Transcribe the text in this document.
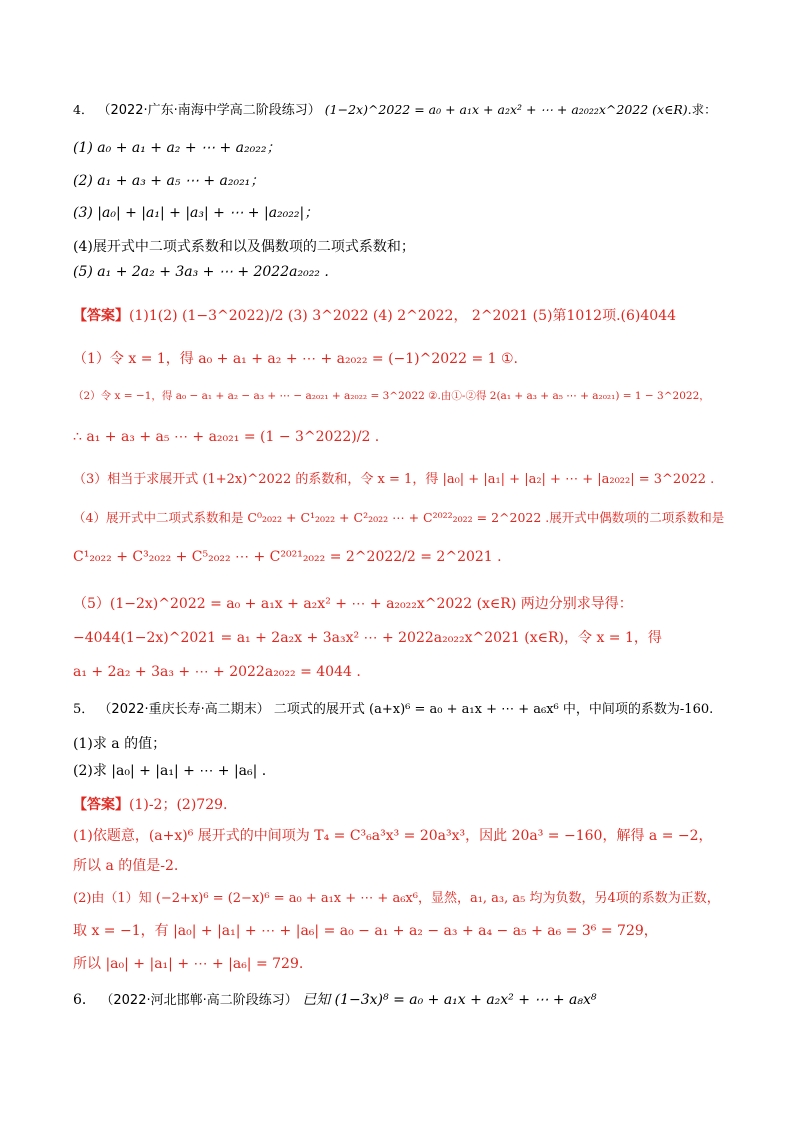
4． （2022·广东·南海中学高二阶段练习） (1−2x)^2022 = a₀ + a₁x + a₂x² + ⋯ + a₂₀₂₂x^2022 (x∈R).求：
(1) a₀ + a₁ + a₂ + ⋯ + a₂₀₂₂；
(2) a₁ + a₃ + a₅ ⋯ + a₂₀₂₁；
(3) |a₀| + |a₁| + |a₃| + ⋯ + |a₂₀₂₂|；
(4)展开式中二项式系数和以及偶数项的二项式系数和；
(5) a₁ + 2a₂ + 3a₃ + ⋯ + 2022a₂₀₂₂ .
【答案】(1)1(2) (1−3^2022)/2 (3) 3^2022 (4) 2^2022， 2^2021 (5)第1012项.(6)4044
（1）令 x = 1，得 a₀ + a₁ + a₂ + ⋯ + a₂₀₂₂ = (−1)^2022 = 1 ①.
（2）令 x = −1，得 a₀ − a₁ + a₂ − a₃ + ⋯ − a₂₀₂₁ + a₂₀₂₂ = 3^2022 ②.由①-②得 2(a₁ + a₃ + a₅ ⋯ + a₂₀₂₁) = 1 − 3^2022，
∴ a₁ + a₃ + a₅ ⋯ + a₂₀₂₁ = (1 − 3^2022)/2 .
（3）相当于求展开式 (1+2x)^2022 的系数和，令 x = 1，得 |a₀| + |a₁| + |a₂| + ⋯ + |a₂₀₂₂| = 3^2022 .
（4）展开式中二项式系数和是 C⁰₂₀₂₂ + C¹₂₀₂₂ + C²₂₀₂₂ ⋯ + C²⁰²²₂₀₂₂ = 2^2022 .展开式中偶数项的二项系数和是
C¹₂₀₂₂ + C³₂₀₂₂ + C⁵₂₀₂₂ ⋯ + C²⁰²¹₂₀₂₂ = 2^2022/2 = 2^2021 .
（5）(1−2x)^2022 = a₀ + a₁x + a₂x² + ⋯ + a₂₀₂₂x^2022 (x∈R) 两边分别求导得：
−4044(1−2x)^2021 = a₁ + 2a₂x + 3a₃x² ⋯ + 2022a₂₀₂₂x^2021 (x∈R)，令 x = 1，得
a₁ + 2a₂ + 3a₃ + ⋯ + 2022a₂₀₂₂ = 4044 .
5． （2022·重庆长寿·高二期末） 二项式的展开式 (a+x)⁶ = a₀ + a₁x + ⋯ + a₆x⁶ 中，中间项的系数为-160.
(1)求 a 的值；
(2)求 |a₀| + |a₁| + ⋯ + |a₆| .
【答案】(1)-2；(2)729.
(1)依题意，(a+x)⁶ 展开式的中间项为 T₄ = C³₆a³x³ = 20a³x³，因此 20a³ = −160，解得 a = −2，
所以 a 的值是-2.
(2)由（1）知 (−2+x)⁶ = (2−x)⁶ = a₀ + a₁x + ⋯ + a₆x⁶，显然，a₁, a₃, a₅ 均为负数，另4项的系数为正数，
取 x = −1，有 |a₀| + |a₁| + ⋯ + |a₆| = a₀ − a₁ + a₂ − a₃ + a₄ − a₅ + a₆ = 3⁶ = 729，
所以 |a₀| + |a₁| + ⋯ + |a₆| = 729.
6． （2022·河北邯郸·高二阶段练习） 已知 (1−3x)⁸ = a₀ + a₁x + a₂x² + ⋯ + a₈x⁸
